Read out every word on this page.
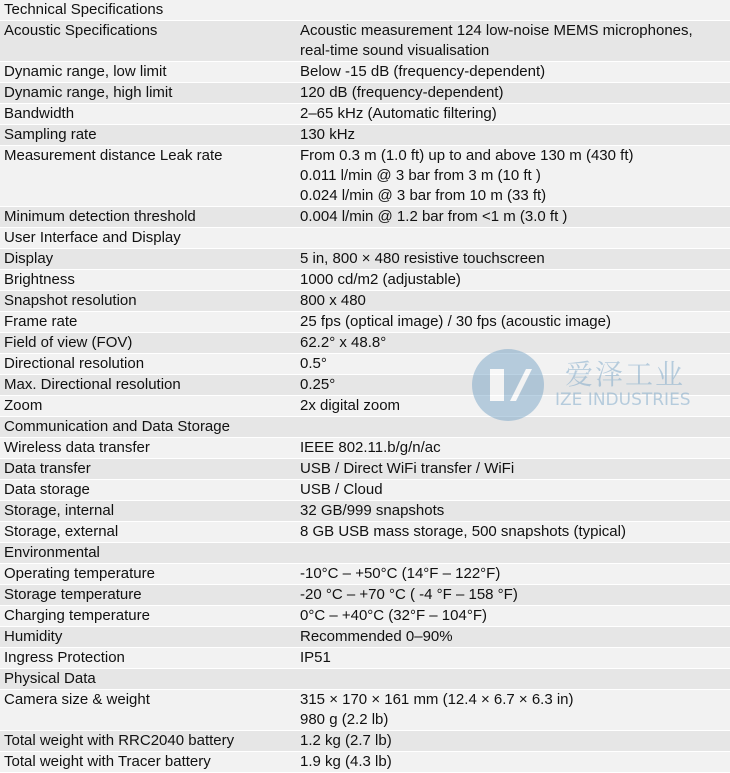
Technical Specifications	
Acoustic Specifications	Acoustic measurement 124 low-noise MEMS microphones,
real-time sound visualisation

Dynamic range, low limit	Below -15 dB (frequency-dependent)

Dynamic range, high limit	120 dB (frequency-dependent)

Bandwidth	2–65 kHz (Automatic filtering)

Sampling rate	130 kHz

Measurement distance Leak rate	From 0.3 m (1.0 ft) up to and above 130 m (430 ft)
0.011 l/min @ 3 bar from 3 m (10 ft )
0.024 l/min @ 3 bar from 10 m (33 ft)

Minimum detection threshold	0.004 l/min @ 1.2 bar from <1 m (3.0 ft )

User Interface and Display	
Display	5 in, 800 × 480 resistive touchscreen

Brightness	1000 cd/m2 (adjustable)

Snapshot resolution	800 x 480

Frame rate	25 fps (optical image) / 30 fps (acoustic image)

Field of view (FOV)	62.2° x 48.8°

Directional resolution	0.5°

Max. Directional resolution	0.25°

Zoom	2x digital zoom

Communication and Data Storage	
Wireless data transfer	IEEE 802.11.b/g/n/ac

Data transfer	USB / Direct WiFi transfer / WiFi

Data storage	USB / Cloud

Storage, internal	32 GB/999 snapshots

Storage, external	8 GB USB mass storage, 500 snapshots (typical)

Environmental	
Operating temperature	-10°C – +50°C (14°F – 122°F)

Storage temperature	-20 °C – +70 °C ( -4 °F – 158 °F)

Charging temperature	0°C – +40°C (32°F – 104°F)

Humidity	Recommended 0–90%

Ingress Protection	IP51

Physical Data	
Camera size & weight	315 × 170 × 161 mm (12.4 × 6.7 × 6.3 in)
980 g (2.2 lb)

Total weight with RRC2040 battery	1.2 kg (2.7 lb)

Total weight with Tracer battery	1.9 kg (4.3 lb)
爱泽工业
IZE INDUSTRIES
